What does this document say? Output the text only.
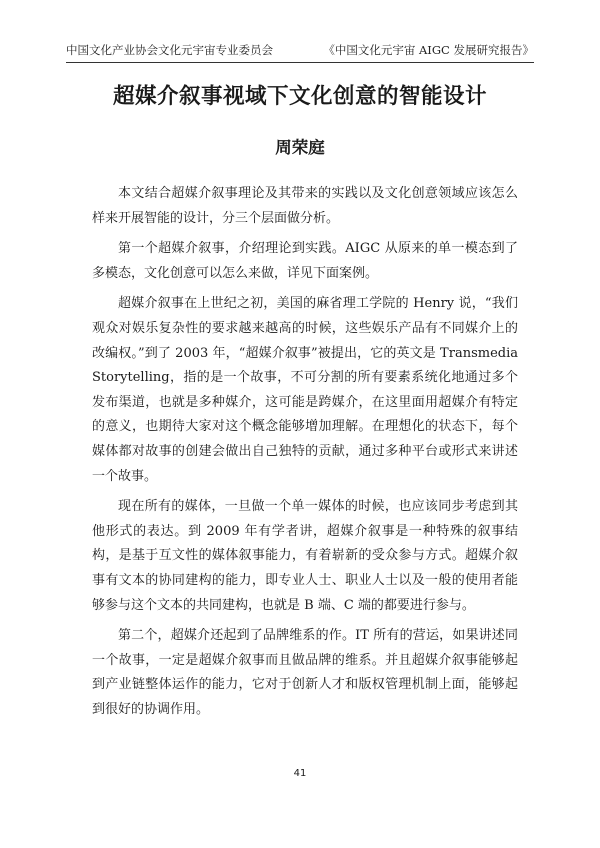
中国文化产业协会文化元宇宙专业委员会	《中国文化元宇宙 AIGC 发展研究报告》
超媒介叙事视域下文化创意的智能设计
周荣庭

本文结合超媒介叙事理论及其带来的实践以及文化创意领域应该怎么样来开展智能的设计，分三个层面做分析。

第一个超媒介叙事，介绍理论到实践。AIGC 从原来的单一模态到了多模态，文化创意可以怎么来做，详见下面案例。

超媒介叙事在上世纪之初，美国的麻省理工学院的 Henry 说，“我们观众对娱乐复杂性的要求越来越高的时候，这些娱乐产品有不同媒介上的改编权。”到了 2003 年，“超媒介叙事”被提出，它的英文是 Transmedia Storytelling，指的是一个故事，不可分割的所有要素系统化地通过多个发布渠道，也就是多种媒介，这可能是跨媒介，在这里面用超媒介有特定的意义，也期待大家对这个概念能够增加理解。在理想化的状态下，每个媒体都对故事的创建会做出自己独特的贡献，通过多种平台或形式来讲述一个故事。

现在所有的媒体，一旦做一个单一媒体的时候，也应该同步考虑到其他形式的表达。到 2009 年有学者讲，超媒介叙事是一种特殊的叙事结构，是基于互文性的媒体叙事能力，有着崭新的受众参与方式。超媒介叙事有文本的协同建构的能力，即专业人士、职业人士以及一般的使用者能够参与这个文本的共同建构，也就是 B 端、C 端的都要进行参与。

第二个，超媒介还起到了品牌维系的作。IT 所有的营运，如果讲述同一个故事，一定是超媒介叙事而且做品牌的维系。并且超媒介叙事能够起到产业链整体运作的能力，它对于创新人才和版权管理机制上面，能够起到很好的协调作用。

41
